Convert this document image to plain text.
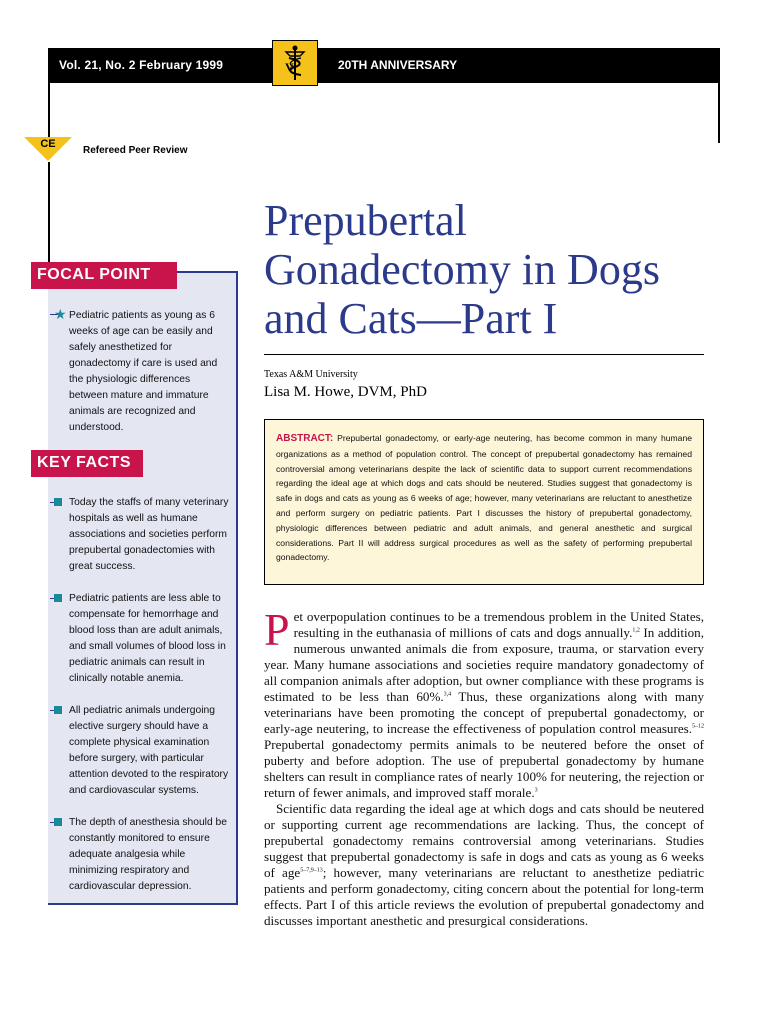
Vol. 21, No. 2 February 1999	20TH ANNIVERSARY
V
CE
Refereed Peer Review
FOCAL POINT
★ Pediatric patients as young as 6 weeks of age can be easily and safely anesthetized for gonadectomy if care is used and the physiologic differences between mature and immature animals are recognized and understood.
KEY FACTS
Today the staffs of many veterinary hospitals as well as humane associations and societies perform prepubertal gonadectomies with great success.
Pediatric patients are less able to compensate for hemorrhage and blood loss than are adult animals, and small volumes of blood loss in pediatric animals can result in clinically notable anemia.
All pediatric animals undergoing elective surgery should have a complete physical examination before surgery, with particular attention devoted to the respiratory and cardiovascular systems.
The depth of anesthesia should be constantly monitored to ensure adequate analgesia while minimizing respiratory and cardiovascular depression.
Prepubertal Gonadectomy in Dogs and Cats—Part I
Texas A&M University
Lisa M. Howe, DVM, PhD
ABSTRACT: Prepubertal gonadectomy, or early-age neutering, has become common in many humane organizations as a method of population control. The concept of prepubertal gonadectomy has remained controversial among veterinarians despite the lack of scientific data to support current recommendations regarding the ideal age at which dogs and cats should be neutered. Studies suggest that gonadectomy is safe in dogs and cats as young as 6 weeks of age; however, many veterinarians are reluctant to anesthetize and perform surgery on pediatric patients. Part I discusses the history of prepubertal gonadectomy, physiologic differences between pediatric and adult animals, and general anesthetic and surgical considerations. Part II will address surgical procedures as well as the safety of performing prepubertal gonadectomy.

Pet overpopulation continues to be a tremendous problem in the United States, resulting in the euthanasia of millions of cats and dogs annually.$^{1,2}$ In addition, numerous unwanted animals die from exposure, trauma, or starvation every year. Many humane associations and societies require mandatory gonadectomy of all companion animals after adoption, but owner compliance with these programs is estimated to be less than 60%.$^{3,4}$ Thus, these organizations along with many veterinarians have been promoting the concept of prepubertal gonadectomy, or early-age neutering, to increase the effectiveness of population control measures.$^{5-12}$ Prepubertal gonadectomy permits animals to be neutered before the onset of puberty and before adoption. The use of prepubertal gonadectomy by humane shelters can result in compliance rates of nearly 100% for neutering, the rejection or return of fewer animals, and improved staff morale.$^3$

Scientific data regarding the ideal age at which dogs and cats should be neutered or supporting current age recommendations are lacking. Thus, the concept of prepubertal gonadectomy remains controversial among veterinarians. Studies suggest that prepubertal gonadectomy is safe in dogs and cats as young as 6 weeks of age$^{5-7,9-13}$; however, many veterinarians are reluctant to anesthetize pediatric patients and perform gonadectomy, citing concern about the potential for long-term effects. Part I of this article reviews the evolution of prepubertal gonadectomy and discusses important anesthetic and presurgical considerations.
